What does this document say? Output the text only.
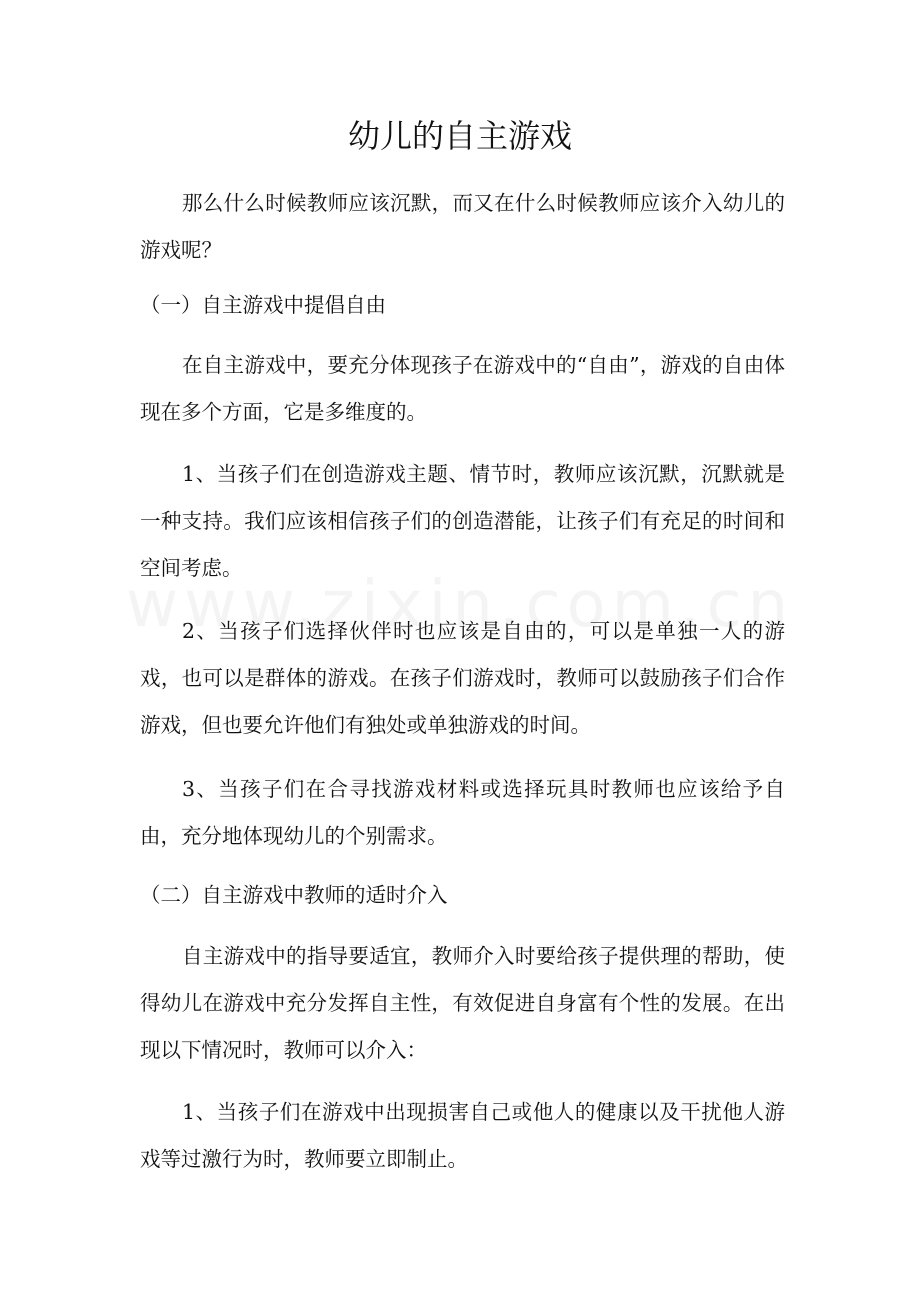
幼儿的自主游戏

那么什么时候教师应该沉默，而又在什么时候教师应该介入幼儿的游戏呢？

（一）自主游戏中提倡自由

在自主游戏中，要充分体现孩子在游戏中的“自由”，游戏的自由体现在多个方面，它是多维度的。

1、当孩子们在创造游戏主题、情节时，教师应该沉默，沉默就是一种支持。我们应该相信孩子们的创造潜能，让孩子们有充足的时间和空间考虑。

2、当孩子们选择伙伴时也应该是自由的，可以是单独一人的游戏，也可以是群体的游戏。在孩子们游戏时，教师可以鼓励孩子们合作游戏，但也要允许他们有独处或单独游戏的时间。

3、当孩子们在合寻找游戏材料或选择玩具时教师也应该给予自由，充分地体现幼儿的个别需求。

（二）自主游戏中教师的适时介入

自主游戏中的指导要适宜，教师介入时要给孩子提供理的帮助，使得幼儿在游戏中充分发挥自主性，有效促进自身富有个性的发展。在出现以下情况时，教师可以介入：

1、当孩子们在游戏中出现损害自己或他人的健康以及干扰他人游戏等过激行为时，教师要立即制止。
